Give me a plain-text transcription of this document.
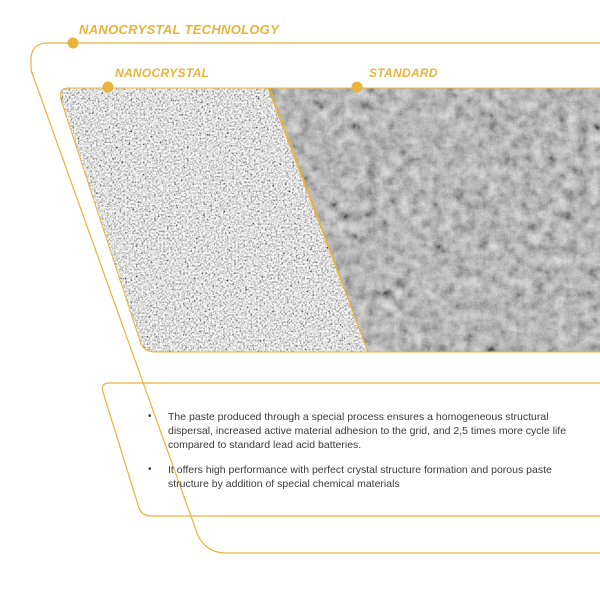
NANOCRYSTAL TECHNOLOGY
NANOCRYSTAL	STANDARD
• The paste produced through a special process ensures a homogeneous structural dispersal, increased active material adhesion to the grid, and 2,5 times more cycle life compared to standard lead acid batteries.
• It offers high performance with perfect crystal structure formation and porous paste structure by addition of special chemical materials
